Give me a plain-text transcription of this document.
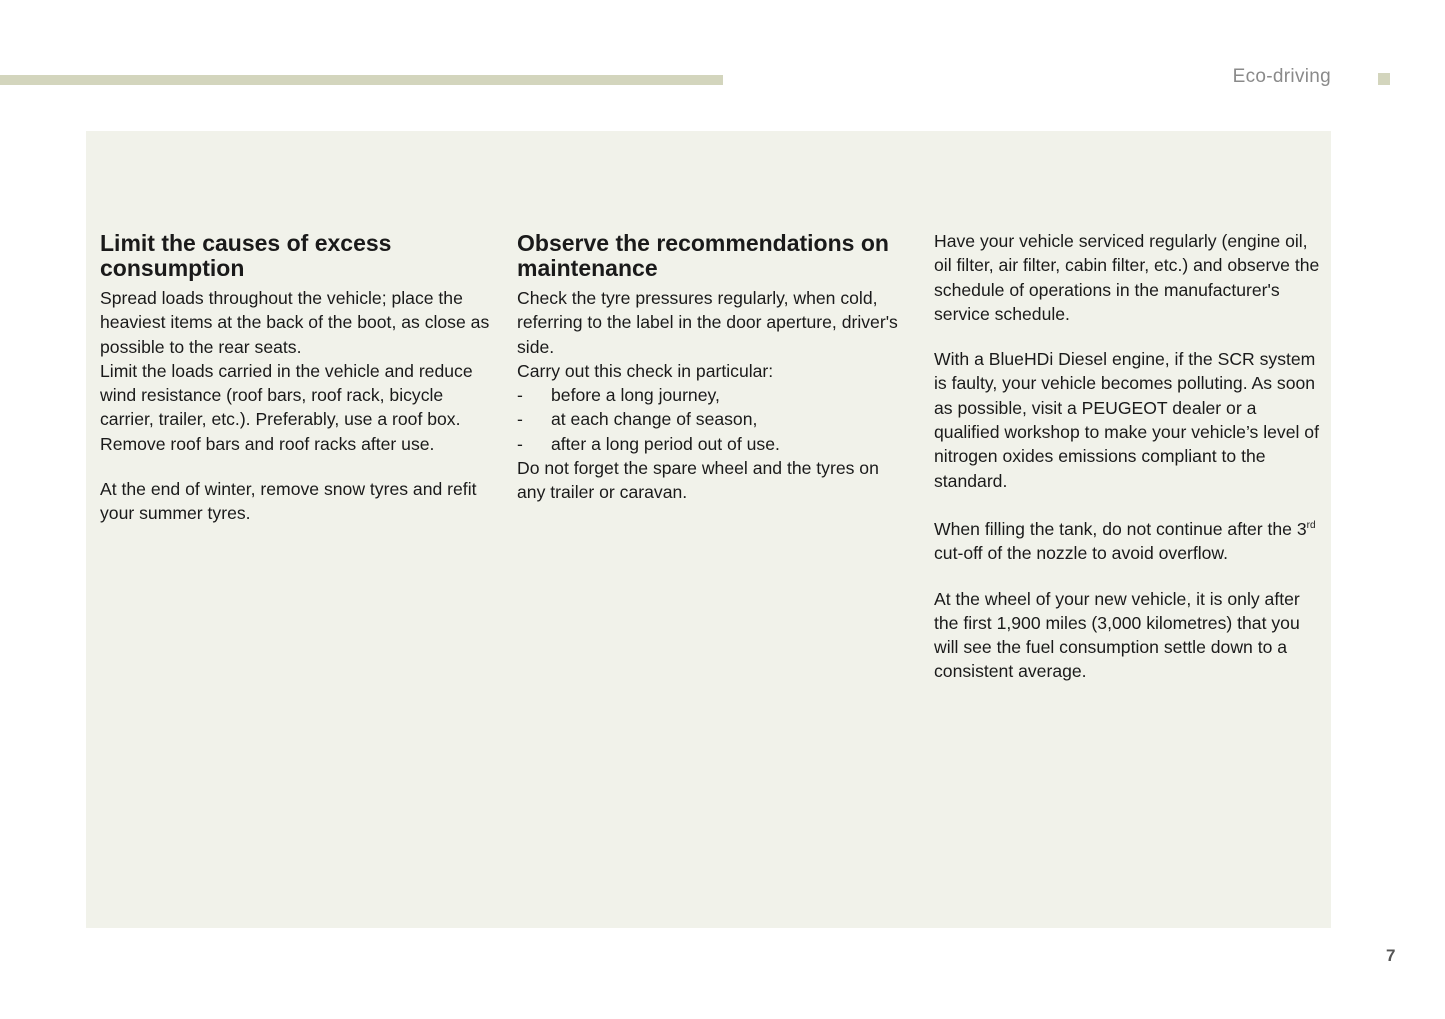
Eco-driving
Limit the causes of excess consumption

Spread loads throughout the vehicle; place the heaviest items at the back of the boot, as close as possible to the rear seats.

Limit the loads carried in the vehicle and reduce wind resistance (roof bars, roof rack, bicycle carrier, trailer, etc.). Preferably, use a roof box.

Remove roof bars and roof racks after use.

At the end of winter, remove snow tyres and refit your summer tyres.

Observe the recommendations on maintenance

Check the tyre pressures regularly, when cold, referring to the label in the door aperture, driver's side.

Carry out this check in particular:

- before a long journey,
- at each change of season,
- after a long period out of use.

Do not forget the spare wheel and the tyres on any trailer or caravan.

Have your vehicle serviced regularly (engine oil, oil filter, air filter, cabin filter, etc.) and observe the schedule of operations in the manufacturer's service schedule.

With a BlueHDi Diesel engine, if the SCR system is faulty, your vehicle becomes polluting. As soon as possible, visit a PEUGEOT dealer or a qualified workshop to make your vehicle’s level of nitrogen oxides emissions compliant to the standard.

When filling the tank, do not continue after the 3rd cut-off of the nozzle to avoid overflow.

At the wheel of your new vehicle, it is only after the first 1,900 miles (3,000 kilometres) that you will see the fuel consumption settle down to a consistent average.

7
